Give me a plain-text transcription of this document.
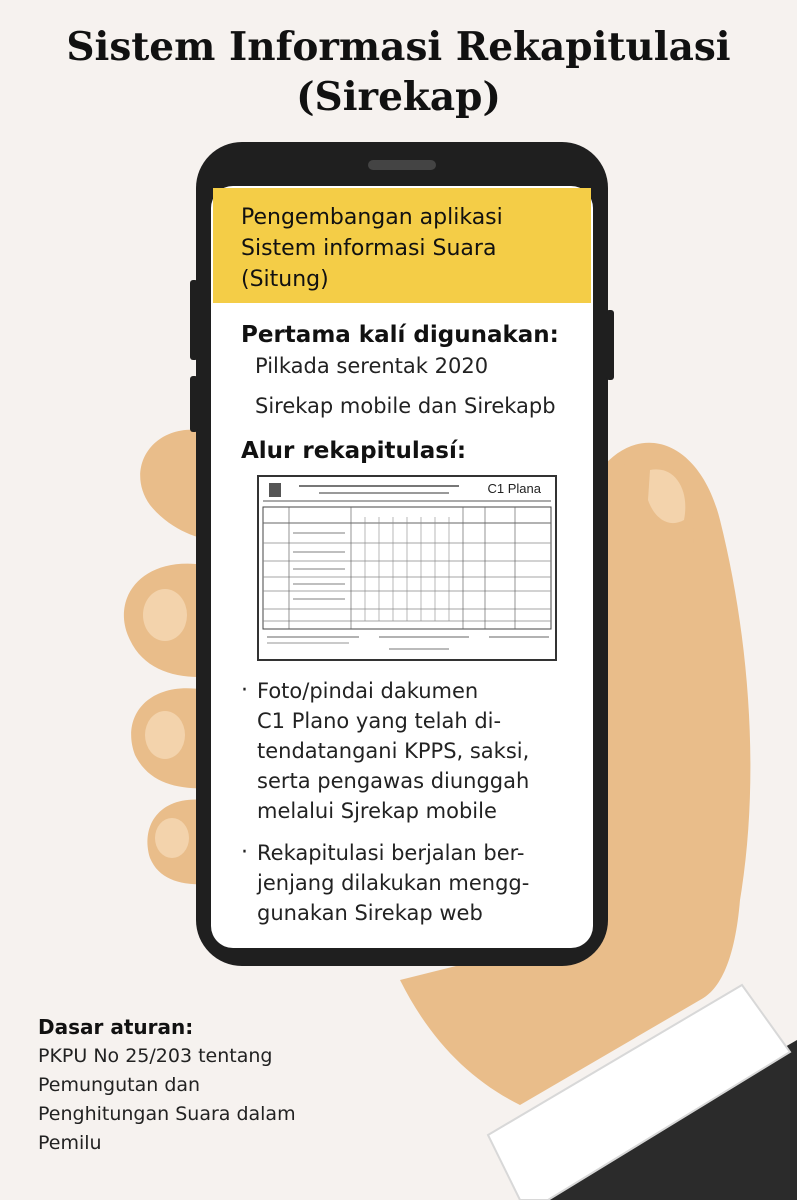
Sistem Informasi Rekapitulasi
(Sirekap)
Pengembangan aplikasi
Sistem informasi Suara
(Situng)
Pertama kalí digunakan:
Pilkada serentak 2020
Sirekap mobile dan Sirekapb
Alur rekapitulasí:
C1 Plana
· Foto/pindai dakumen
C1 Plano yang telah di-
tendatangani KPPS, saksi,
serta pengawas diunggah
melalui Sjrekap mobile
· Rekapitulasi berjalan ber-
jenjang dilakukan mengg-
gunakan Sirekap web
Dasar aturan:
PKPU No 25/203 tentang
Pemungutan dan
Penghitungan Suara dalam
Pemilu
